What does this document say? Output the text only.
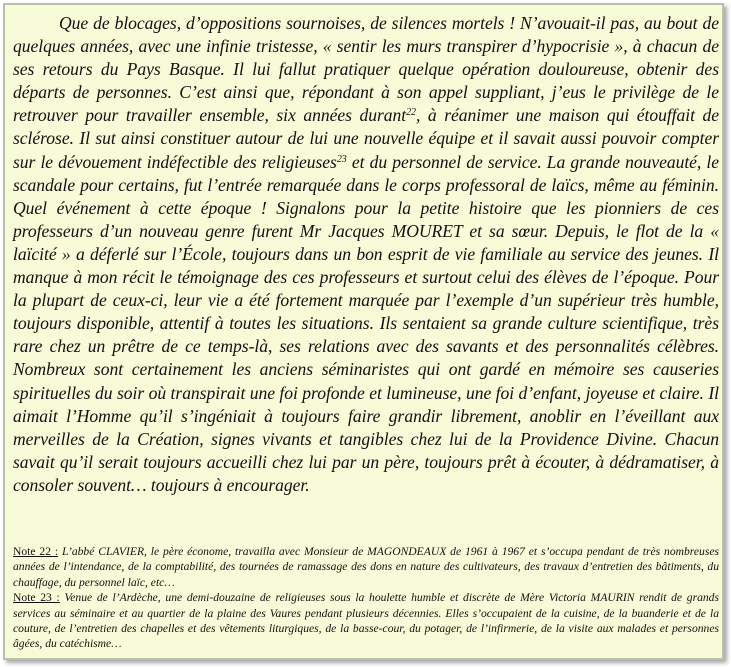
Que de blocages, d’oppositions sournoises, de silences mortels ! N’avouait-il pas, au bout de quelques années, avec une infinie tristesse, « sentir les murs transpirer d’hypocrisie », à chacun de ses retours du Pays Basque. Il lui fallut pratiquer quelque opération douloureuse, obtenir des départs de personnes. C’est ainsi que, répondant à son appel suppliant, j’eus le privilège de le retrouver pour travailler ensemble, six années durant$^{22}$, à réanimer une maison qui étouffait de sclérose. Il sut ainsi constituer autour de lui une nouvelle équipe et il savait aussi pouvoir compter sur le dévouement indéfectible des religieuses$^{23}$ et du personnel de service. La grande nouveauté, le scandale pour certains, fut l’entrée remarquée dans le corps professoral de laïcs, même au féminin. Quel événement à cette époque ! Signalons pour la petite histoire que les pionniers de ces professeurs d’un nouveau genre furent Mr Jacques MOURET et sa sœur. Depuis, le flot de la « laïcité » a déferlé sur l’École, toujours dans un bon esprit de vie familiale au service des jeunes. Il manque à mon récit le témoignage des ces professeurs et surtout celui des élèves de l’époque. Pour la plupart de ceux-ci, leur vie a été fortement marquée par l’exemple d’un supérieur très humble, toujours disponible, attentif à toutes les situations. Ils sentaient sa grande culture scientifique, très rare chez un prêtre de ce temps-là, ses relations avec des savants et des personnalités célèbres. Nombreux sont certainement les anciens séminaristes qui ont gardé en mémoire ses causeries spirituelles du soir où transpirait une foi profonde et lumineuse, une foi d’enfant, joyeuse et claire. Il aimait l’Homme qu’il s’ingéniait à toujours faire grandir librement, anoblir en l’éveillant aux merveilles de la Création, signes vivants et tangibles chez lui de la Providence Divine. Chacun savait qu’il serait toujours accueilli chez lui par un père, toujours prêt à écouter, à dédramatiser, à consoler souvent… toujours à encourager.

Note 22 : L’abbé CLAVIER, le père économe, travailla avec Monsieur de MAGONDEAUX de 1961 à 1967 et s’occupa pendant de très nombreuses années de l’intendance, de la comptabilité, des tournées de ramassage des dons en nature des cultivateurs, des travaux d’entretien des bâtiments, du chauffage, du personnel laïc, etc…

Note 23 : Venue de l’Ardèche, une demi-douzaine de religieuses sous la houlette humble et discrète de Mère Victoria MAURIN rendit de grands services au séminaire et au quartier de la plaine des Vaures pendant plusieurs décennies. Elles s’occupaient de la cuisine, de la buanderie et de la couture, de l’entretien des chapelles et des vêtements liturgiques, de la basse-cour, du potager, de l’infirmerie, de la visite aux malades et personnes âgées, du catéchisme…
